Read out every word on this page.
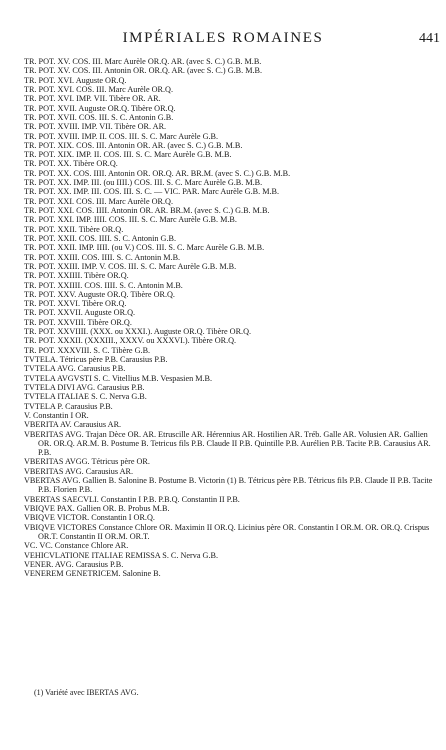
IMPÉRIALES ROMAINES	441
TR. POT. XV. COS. III. Marc Aurèle OR.Q. AR. (avec S. C.) G.B. M.B.
TR. POT. XV. COS. III. Antonin OR. OR.Q. AR. (avec S. C.) G.B. M.B.
TR. POT. XVI. Auguste OR.Q.
TR. POT. XVI. COS. III. Marc Aurèle OR.Q.
TR. POT. XVI. IMP. VII. Tibère OR. AR.
TR. POT. XVII. Auguste OR.Q. Tibère OR.Q.
TR. POT. XVII. COS. III. S. C. Antonin G.B.
TR. POT. XVIII. IMP. VII. Tibère OR. AR.
TR. POT. XVIII. IMP. II. COS. III. S. C. Marc Aurèle G.B.
TR. POT. XIX. COS. III. Antonin OR. AR. (avec S. C.) G.B. M.B.
TR. POT. XIX. IMP. II. COS. III. S. C. Marc Aurèle G.B. M.B.
TR. POT. XX. Tibère OR.Q.
TR. POT. XX. COS. IIII. Antonin OR. OR.Q. AR. BR.M. (avec S. C.) G.B. M.B.
TR. POT. XX. IMP. III. (ou IIII.) COS. III. S. C. Marc Aurèle G.B. M.B.
TR. POT. XX. IMP. III. COS. III. S. C. — VIC. PAR. Marc Aurèle G.B. M.B.
TR. POT. XXI. COS. III. Marc Aurèle OR.Q.
TR. POT. XXI. COS. IIII. Antonin OR. AR. BR.M. (avec S. C.) G.B. M.B.
TR. POT. XXI. IMP. IIII. COS. III. S. C. Marc Aurèle G.B. M.B.
TR. POT. XXII. Tibère OR.Q.
TR. POT. XXII. COS. IIII. S. C. Antonin G.B.
TR. POT. XXII. IMP. IIII. (ou V.) COS. III. S. C. Marc Aurèle G.B. M.B.
TR. POT. XXIII. COS. IIII. S. C. Antonin M.B.
TR. POT. XXIII. IMP. V. COS. III. S. C. Marc Aurèle G.B. M.B.
TR. POT. XXIIII. Tibère OR.Q.
TR. POT. XXIIII. COS. IIII. S. C. Antonin M.B.
TR. POT. XXV. Auguste OR.Q. Tibère OR.Q.
TR. POT. XXVI. Tibère OR.Q.
TR. POT. XXVII. Auguste OR.Q.
TR. POT. XXVIII. Tibère OR.Q.
TR. POT. XXVIIII. (XXX. ou XXXI.). Auguste OR.Q. Tibère OR.Q.
TR. POT. XXXII. (XXXIII., XXXV. ou XXXVI.). Tibère OR.Q.
TR. POT. XXXVIII. S. C. Tibère G.B.
TVTELA. Tétricus père P.B. Carausius P.B.
TVTELA AVG. Carausius P.B.
TVTELA AVGVSTI S. C. Vitellius M.B. Vespasien M.B.
TVTELA DIVI AVG. Carausius P.B.
TVTELA ITALIAE S. C. Nerva G.B.
TVTELA P. Carausius P.B.
V. Constantin I OR.
VBERITA AV. Carausius AR.
VBERITAS AVG. Trajan Dèce OR. AR. Etruscille AR. Hérennius AR. Hostilien AR. Tréb. Galle AR. Volusien AR. Gallien OR. OR.Q. AR.M. B. Postume B. Tetricus fils P.B. Claude II P.B. Quintille P.B. Aurélien P.B. Tacite P.B. Carausius AR. P.B.
VBERITAS AVGG. Tétricus père OR.
VBERITAS AVG. Carausius AR.
VBERTAS AVG. Gallien B. Salonine B. Postume B. Victorin (1) B. Tétricus père P.B. Tétricus fils P.B. Claude II P.B. Tacite P.B. Florien P.B.
VBERTAS SAECVLI. Constantin I P.B. P.B.Q. Constantin II P.B.
VBIQVE PAX. Gallien OR. B. Probus M.B.
VBIQVE VICTOR. Constantin I OR.Q.
VBIQVE VICTORES Constance Chlore OR. Maximin II OR.Q. Licinius père OR. Constantin I OR.M. OR. OR.Q. Crispus OR.T. Constantin II OR.M. OR.T.
VC. VC. Constance Chlore AR.
VEHICVLATIONE ITALIAE REMISSA S. C. Nerva G.B.
VENER. AVG. Carausius P.B.
VENEREM GENETRICEM. Salonine B.
(1) Variété avec IBERTAS AVG.
